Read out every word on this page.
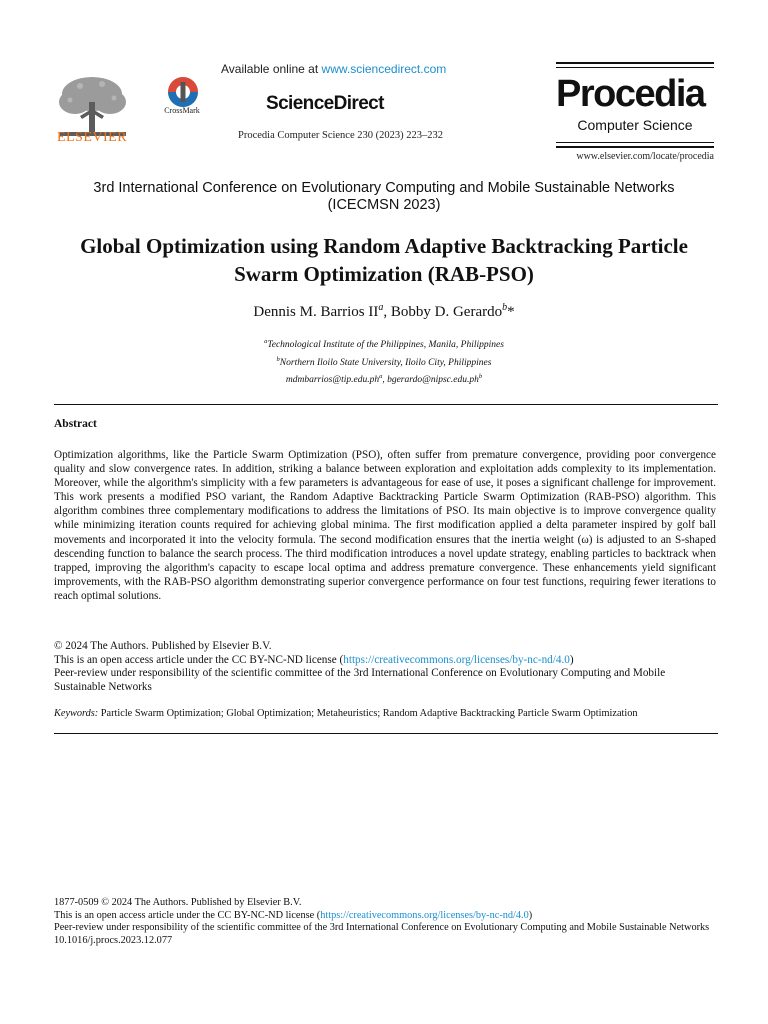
ELSEVIER
CrossMark
Available online at www.sciencedirect.com
ScienceDirect
Procedia Computer Science 230 (2023) 223–232
Procedia
Computer Science
www.elsevier.com/locate/procedia
3rd International Conference on Evolutionary Computing and Mobile Sustainable Networks (ICECMSN 2023)
Global Optimization using Random Adaptive Backtracking Particle Swarm Optimization (RAB-PSO)
Dennis M. Barrios $II^a$, Bobby D. Gerardo$^b$*
$^a$Technological Institute of the Philippines, Manila, Philippines
$^b$Northern Iloilo State University, Iloilo City, Philippines
$mdmbarrios@tip.edu.ph^a$, $bgerardo@nipsc.edu.ph^b$
Abstract
Optimization algorithms, like the Particle Swarm Optimization (PSO), often suffer from premature convergence, providing poor convergence quality and slow convergence rates. In addition, striking a balance between exploration and exploitation adds complexity to its implementation. Moreover, while the algorithm's simplicity with a few parameters is advantageous for ease of use, it poses a significant challenge for improvement. This work presents a modified PSO variant, the Random Adaptive Backtracking Particle Swarm Optimization (RAB-PSO) algorithm. This algorithm combines three complementary modifications to address the limitations of PSO. Its main objective is to improve convergence quality while minimizing iteration counts required for achieving global minima. The first modification applied a delta parameter inspired by golf ball movements and incorporated it into the velocity formula. The second modification ensures that the inertia weight (ω) is adjusted to an S-shaped descending function to balance the search process. The third modification introduces a novel update strategy, enabling particles to backtrack when trapped, improving the algorithm's capacity to escape local optima and address premature convergence. These enhancements yield significant improvements, with the RAB-PSO algorithm demonstrating superior convergence performance on four test functions, requiring fewer iterations to reach optimal solutions.
© 2024 The Authors. Published by Elsevier B.V.
This is an open access article under the CC BY-NC-ND license (https://creativecommons.org/licenses/by-nc-nd/4.0)
Peer-review under responsibility of the scientific committee of the 3rd International Conference on Evolutionary Computing and Mobile Sustainable Networks
Keywords: Particle Swarm Optimization; Global Optimization; Metaheuristics; Random Adaptive Backtracking Particle Swarm Optimization
1877-0509 © 2024 The Authors. Published by Elsevier B.V.
This is an open access article under the CC BY-NC-ND license (https://creativecommons.org/licenses/by-nc-nd/4.0)
Peer-review under responsibility of the scientific committee of the 3rd International Conference on Evolutionary Computing and Mobile Sustainable Networks
10.1016/j.procs.2023.12.077
